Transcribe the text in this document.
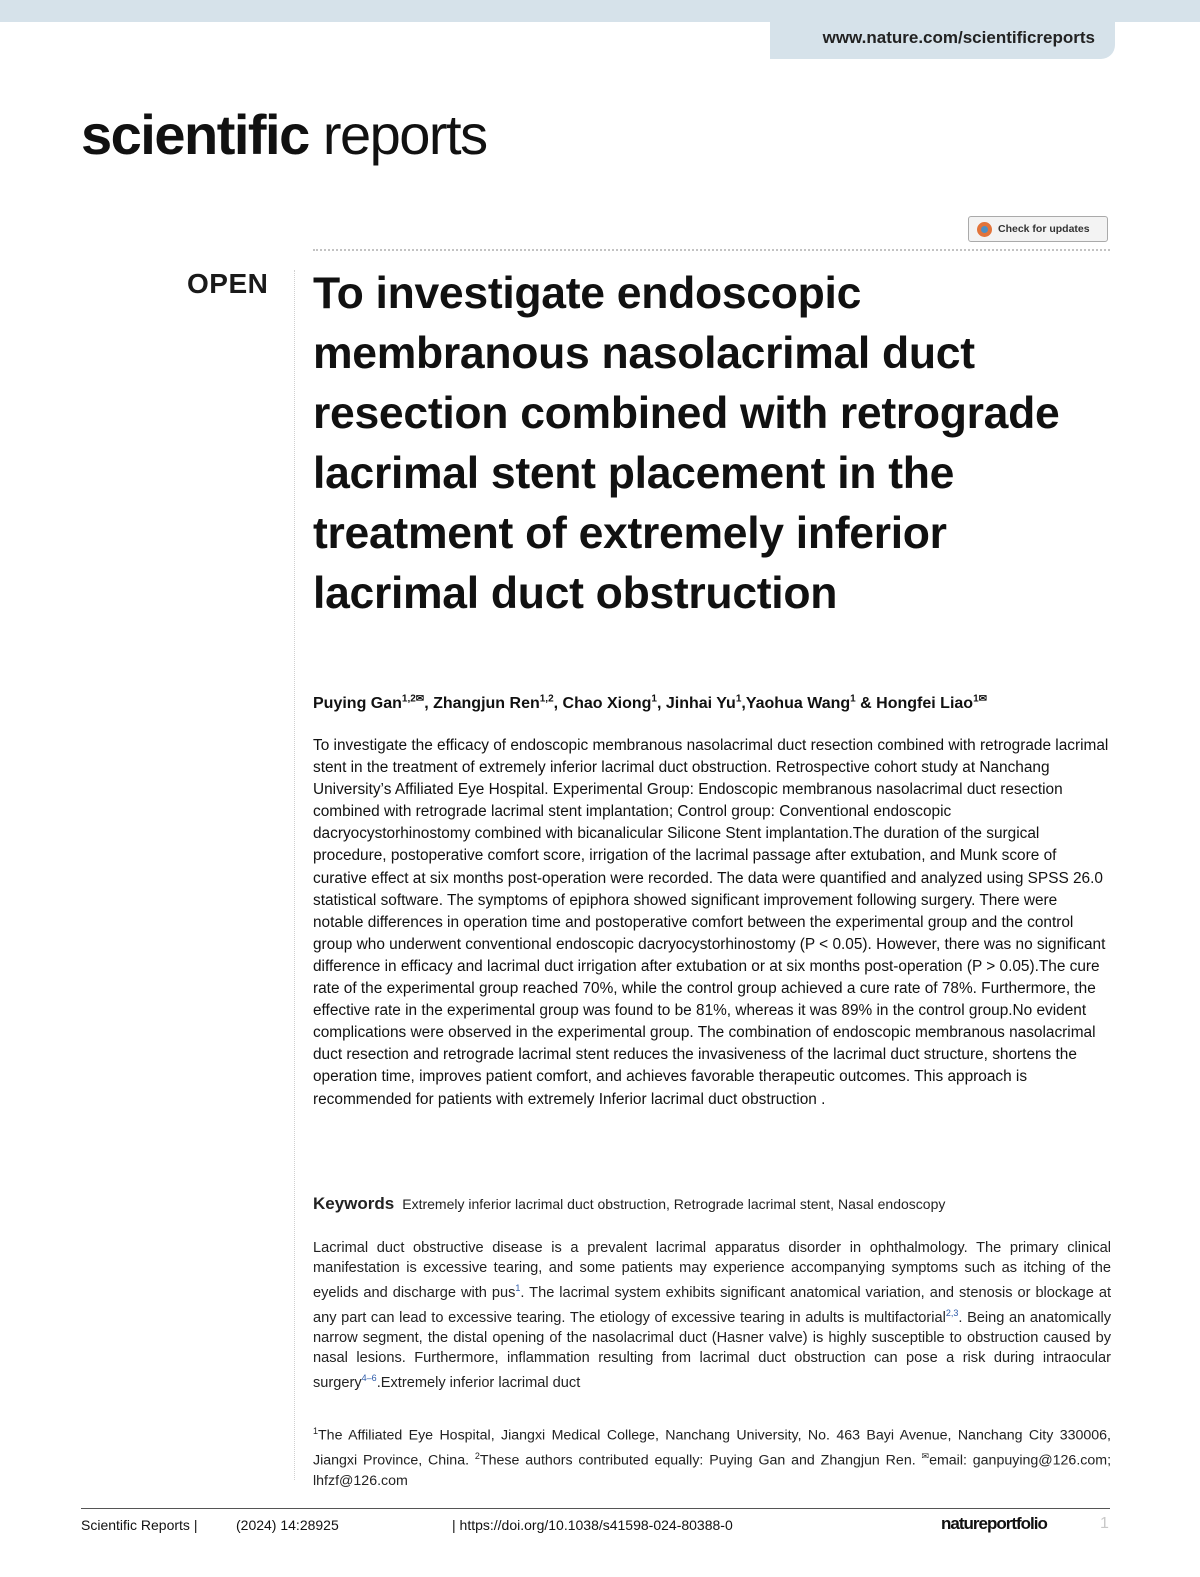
www.nature.com/scientificreports
scientific reports
Check for updates
OPEN To investigate endoscopic membranous nasolacrimal duct resection combined with retrograde lacrimal stent placement in the treatment of extremely inferior lacrimal duct obstruction
Puying Gan$^{1,2✉}$, Zhangjun Ren$^{1,2}$, Chao Xiong$^1$, Jinhai Yu$^1$,Yaohua Wang$^1$ & Hongfei Liao$^{1✉}$

To investigate the efficacy of endoscopic membranous nasolacrimal duct resection combined with retrograde lacrimal stent in the treatment of extremely inferior lacrimal duct obstruction. Retrospective cohort study at Nanchang University’s Affiliated Eye Hospital. Experimental Group: Endoscopic membranous nasolacrimal duct resection combined with retrograde lacrimal stent implantation; Control group: Conventional endoscopic dacryocystorhinostomy combined with bicanalicular Silicone Stent implantation.The duration of the surgical procedure, postoperative comfort score, irrigation of the lacrimal passage after extubation, and Munk score of curative effect at six months post-operation were recorded. The data were quantified and analyzed using SPSS 26.0 statistical software. The symptoms of epiphora showed significant improvement following surgery. There were notable differences in operation time and postoperative comfort between the experimental group and the control group who underwent conventional endoscopic dacryocystorhinostomy (P < 0.05). However, there was no significant difference in efficacy and lacrimal duct irrigation after extubation or at six months post-operation (P > 0.05).The cure rate of the experimental group reached 70%, while the control group achieved a cure rate of 78%. Furthermore, the effective rate in the experimental group was found to be 81%, whereas it was 89% in the control group.No evident complications were observed in the experimental group. The combination of endoscopic membranous nasolacrimal duct resection and retrograde lacrimal stent reduces the invasiveness of the lacrimal duct structure, shortens the operation time, improves patient comfort, and achieves favorable therapeutic outcomes. This approach is recommended for patients with extremely Inferior lacrimal duct obstruction .

Keywords Extremely inferior lacrimal duct obstruction, Retrograde lacrimal stent, Nasal endoscopy

Lacrimal duct obstructive disease is a prevalent lacrimal apparatus disorder in ophthalmology. The primary clinical manifestation is excessive tearing, and some patients may experience accompanying symptoms such as itching of the eyelids and discharge with pus$^1$. The lacrimal system exhibits significant anatomical variation, and stenosis or blockage at any part can lead to excessive tearing. The etiology of excessive tearing in adults is multifactorial$^{2,3}$. Being an anatomically narrow segment, the distal opening of the nasolacrimal duct (Hasner valve) is highly susceptible to obstruction caused by nasal lesions. Furthermore, inflammation resulting from lacrimal duct obstruction can pose a risk during intraocular surgery$^{4-6}$.Extremely inferior lacrimal duct

$^1$The Affiliated Eye Hospital, Jiangxi Medical College, Nanchang University, No. 463 Bayi Avenue, Nanchang City 330006, Jiangxi Province, China. $^2$These authors contributed equally: Puying Gan and Zhangjun Ren. ✉email: ganpuying@126.com; lhfzf@126.com

Scientific Reports |	(2024) 14:28925	| https://doi.org/10.1038/s41598-024-80388-0	natureportfolio	1
